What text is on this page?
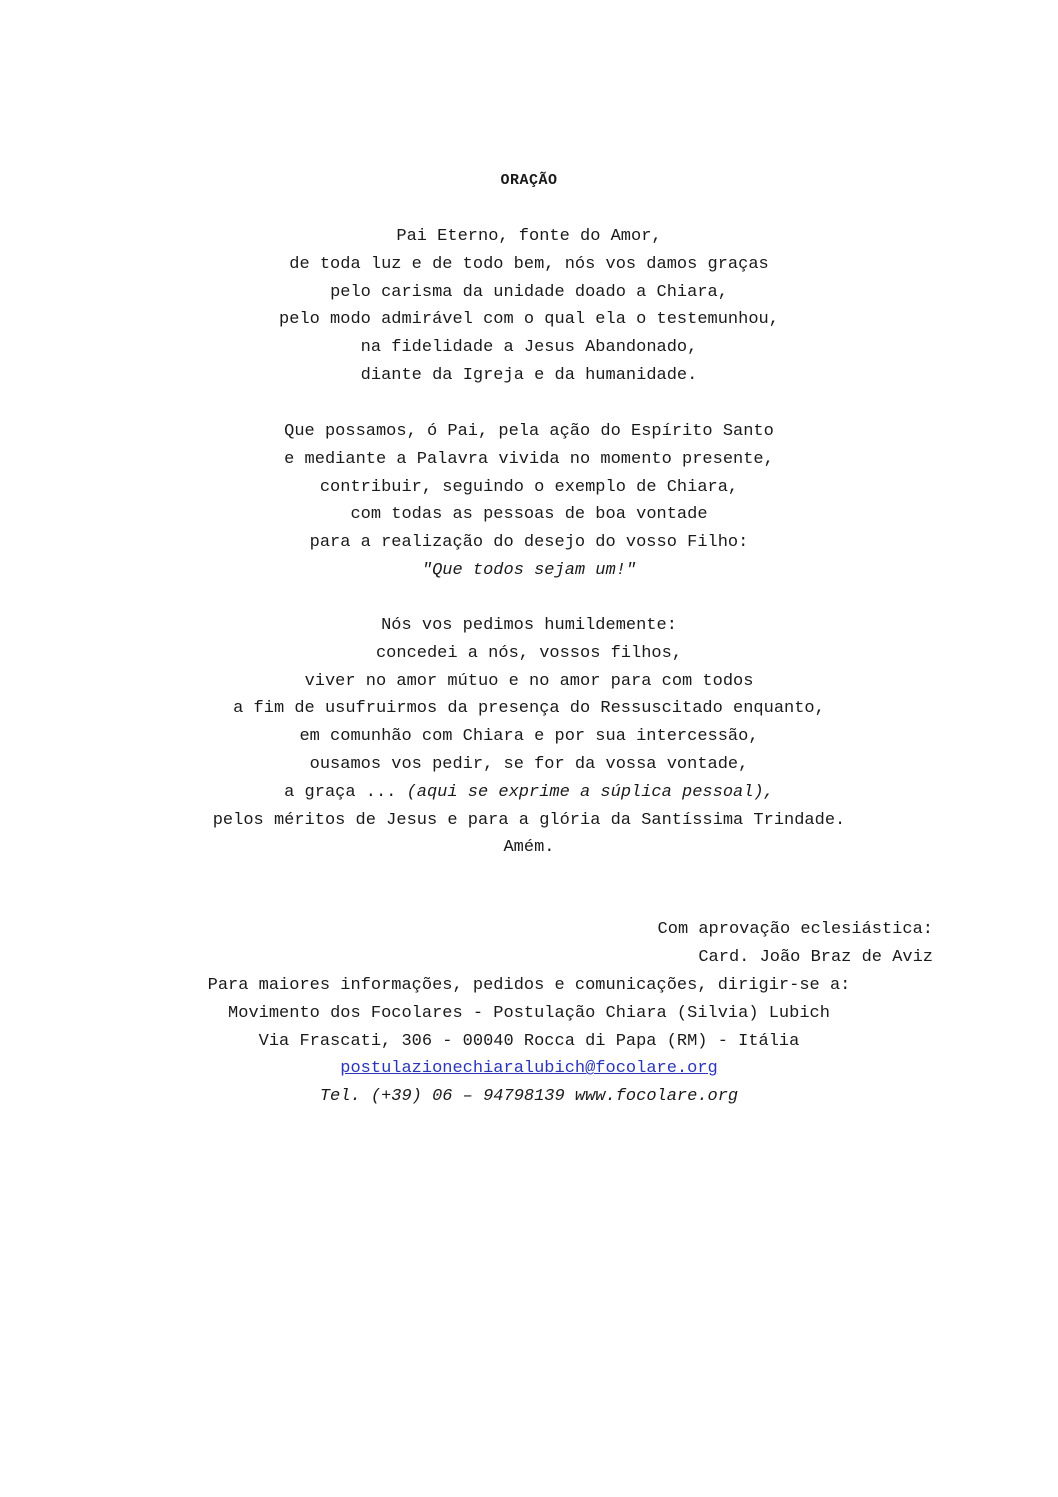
ORAÇÃO
Pai Eterno, fonte do Amor,
de toda luz e de todo bem, nós vos damos graças
pelo carisma da unidade doado a Chiara,
pelo modo admirável com o qual ela o testemunhou,
na fidelidade a Jesus Abandonado,
diante da Igreja e da humanidade.
Que possamos, ó Pai, pela ação do Espírito Santo
e mediante a Palavra vivida no momento presente,
contribuir, seguindo o exemplo de Chiara,
com todas as pessoas de boa vontade
para a realização do desejo do vosso Filho:
"Que todos sejam um!"
Nós vos pedimos humildemente:
concedei a nós, vossos filhos,
viver no amor mútuo e no amor para com todos
a fim de usufruirmos da presença do Ressuscitado enquanto,
em comunhão com Chiara e por sua intercessão,
ousamos vos pedir, se for da vossa vontade,
a graça ... (aqui se exprime a súplica pessoal),
pelos méritos de Jesus e para a glória da Santíssima Trindade.
Amém.
Com aprovação eclesiástica:
Card. João Braz de Aviz
Para maiores informações, pedidos e comunicações, dirigir-se a:
Movimento dos Focolares - Postulação Chiara (Silvia) Lubich
Via Frascati, 306 - 00040 Rocca di Papa (RM) - Itália
postulazionechiaralubich@focolare.org
Tel. (+39) 06 – 94798139 www.focolare.org
